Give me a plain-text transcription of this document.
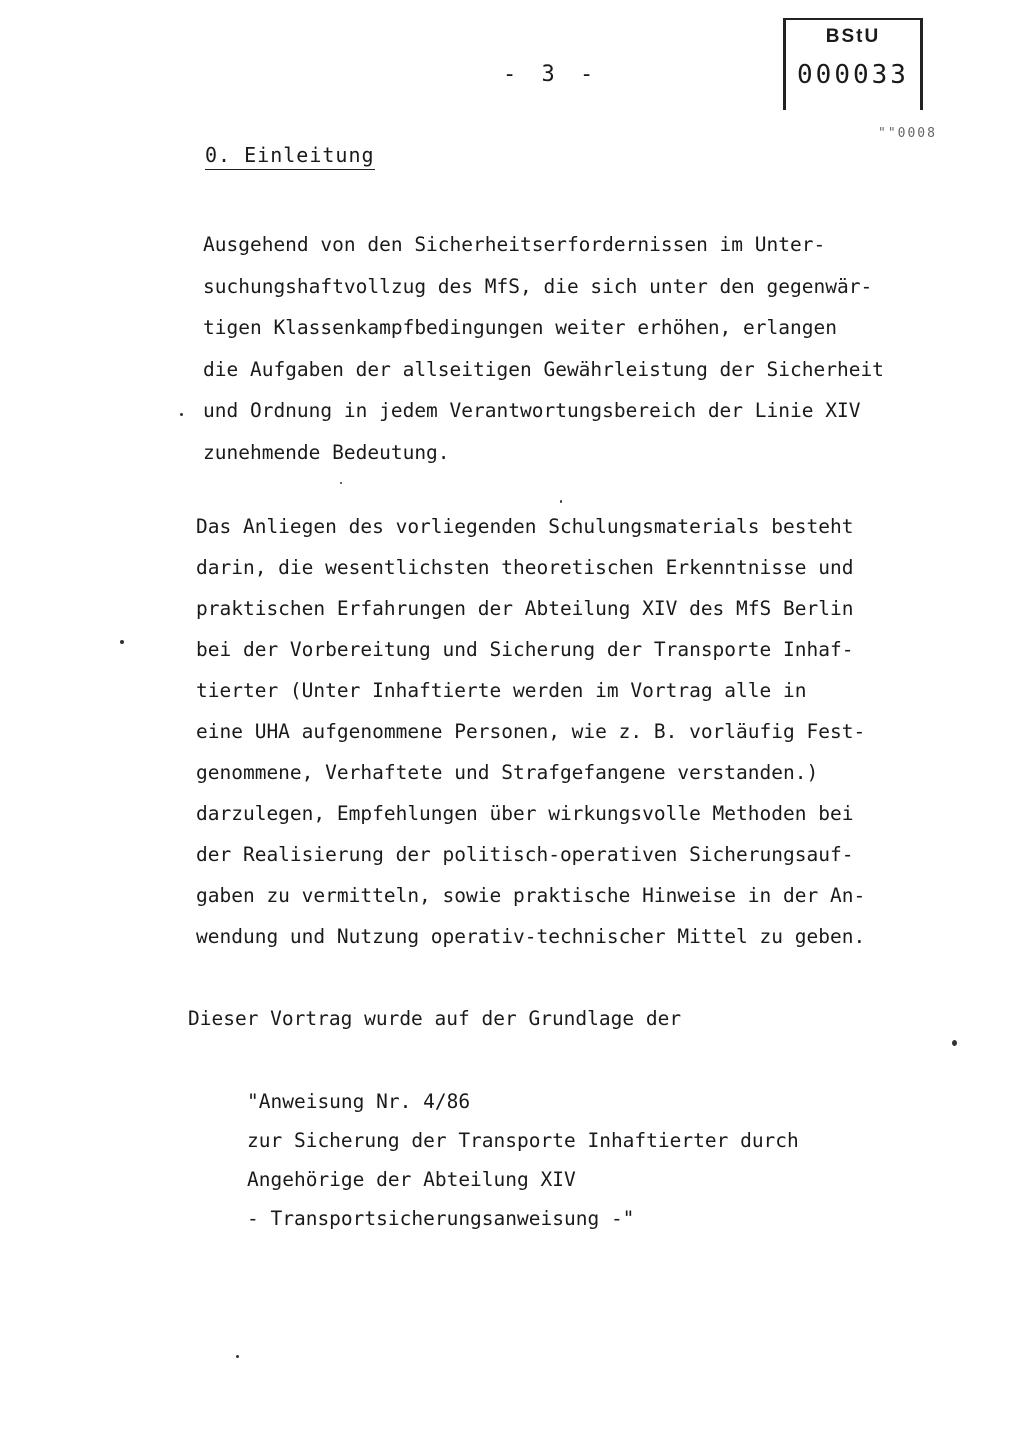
- 3 -
BStU
000033
""0008
0. Einleitung

Ausgehend von den Sicherheitserfordernissen im Unter-
suchungshaftvollzug des MfS, die sich unter den gegenwär-
tigen Klassenkampfbedingungen weiter erhöhen, erlangen
die Aufgaben der allseitigen Gewährleistung der Sicherheit
und Ordnung in jedem Verantwortungsbereich der Linie XIV
zunehmende Bedeutung.

Das Anliegen des vorliegenden Schulungsmaterials besteht
darin, die wesentlichsten theoretischen Erkenntnisse und
praktischen Erfahrungen der Abteilung XIV des MfS Berlin
bei der Vorbereitung und Sicherung der Transporte Inhaf-
tierter (Unter Inhaftierte werden im Vortrag alle in
eine UHA aufgenommene Personen, wie z. B. vorläufig Fest-
genommene, Verhaftete und Strafgefangene verstanden.)
darzulegen, Empfehlungen über wirkungsvolle Methoden bei
der Realisierung der politisch-operativen Sicherungsauf-
gaben zu vermitteln, sowie praktische Hinweise in der An-
wendung und Nutzung operativ-technischer Mittel zu geben.

Dieser Vortrag wurde auf der Grundlage der

"Anweisung Nr. 4/86
zur Sicherung der Transporte Inhaftierter durch
Angehörige der Abteilung XIV
- Transportsicherungsanweisung -"
